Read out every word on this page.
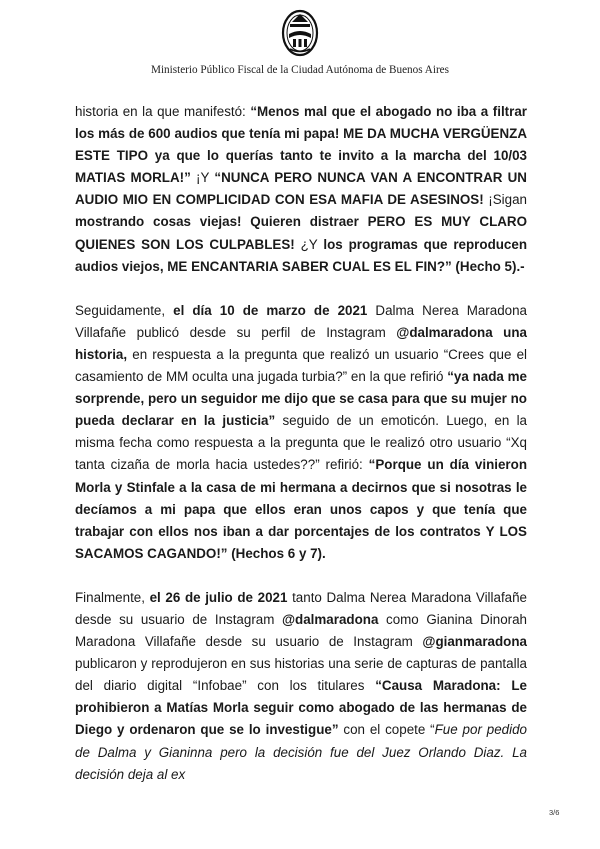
Ministerio Público Fiscal de la Ciudad Autónoma de Buenos Aires

historia en la que manifestó: “Menos mal que el abogado no iba a filtrar los más de 600 audios que tenía mi papa! ME DA MUCHA VERGÜENZA ESTE TIPO ya que lo querías tanto te invito a la marcha del 10/03 MATIAS MORLA!” ¡Y “NUNCA PERO NUNCA VAN A ENCONTRAR UN AUDIO MIO EN COMPLICIDAD CON ESA MAFIA DE ASESINOS! ¡Sigan mostrando cosas viejas! Quieren distraer PERO ES MUY CLARO QUIENES SON LOS CULPABLES! ¿Y los programas que reproducen audios viejos, ME ENCANTARIA SABER CUAL ES EL FIN?” (Hecho 5).-

Seguidamente, el día 10 de marzo de 2021 Dalma Nerea Maradona Villafañe publicó desde su perfil de Instagram @dalmaradona una historia, en respuesta a la pregunta que realizó un usuario “Crees que el casamiento de MM oculta una jugada turbia?” en la que refirió “ya nada me sorprende, pero un seguidor me dijo que se casa para que su mujer no pueda declarar en la justicia” seguido de un emoticón. Luego, en la misma fecha como respuesta a la pregunta que le realizó otro usuario “Xq tanta cizaña de morla hacia ustedes??” refirió: “Porque un día vinieron Morla y Stinfale a la casa de mi hermana a decirnos que si nosotras le decíamos a mi papa que ellos eran unos capos y que tenía que trabajar con ellos nos iban a dar porcentajes de los contratos Y LOS SACAMOS CAGANDO!” (Hechos 6 y 7).

Finalmente, el 26 de julio de 2021 tanto Dalma Nerea Maradona Villafañe desde su usuario de Instagram @dalmaradona como Gianina Dinorah Maradona Villafañe desde su usuario de Instagram @gianmaradona publicaron y reprodujeron en sus historias una serie de capturas de pantalla del diario digital “Infobae” con los titulares “Causa Maradona: Le prohibieron a Matías Morla seguir como abogado de las hermanas de Diego y ordenaron que se lo investigue” con el copete “Fue por pedido de Dalma y Gianinna pero la decisión fue del Juez Orlando Diaz. La decisión deja al ex

3/6
